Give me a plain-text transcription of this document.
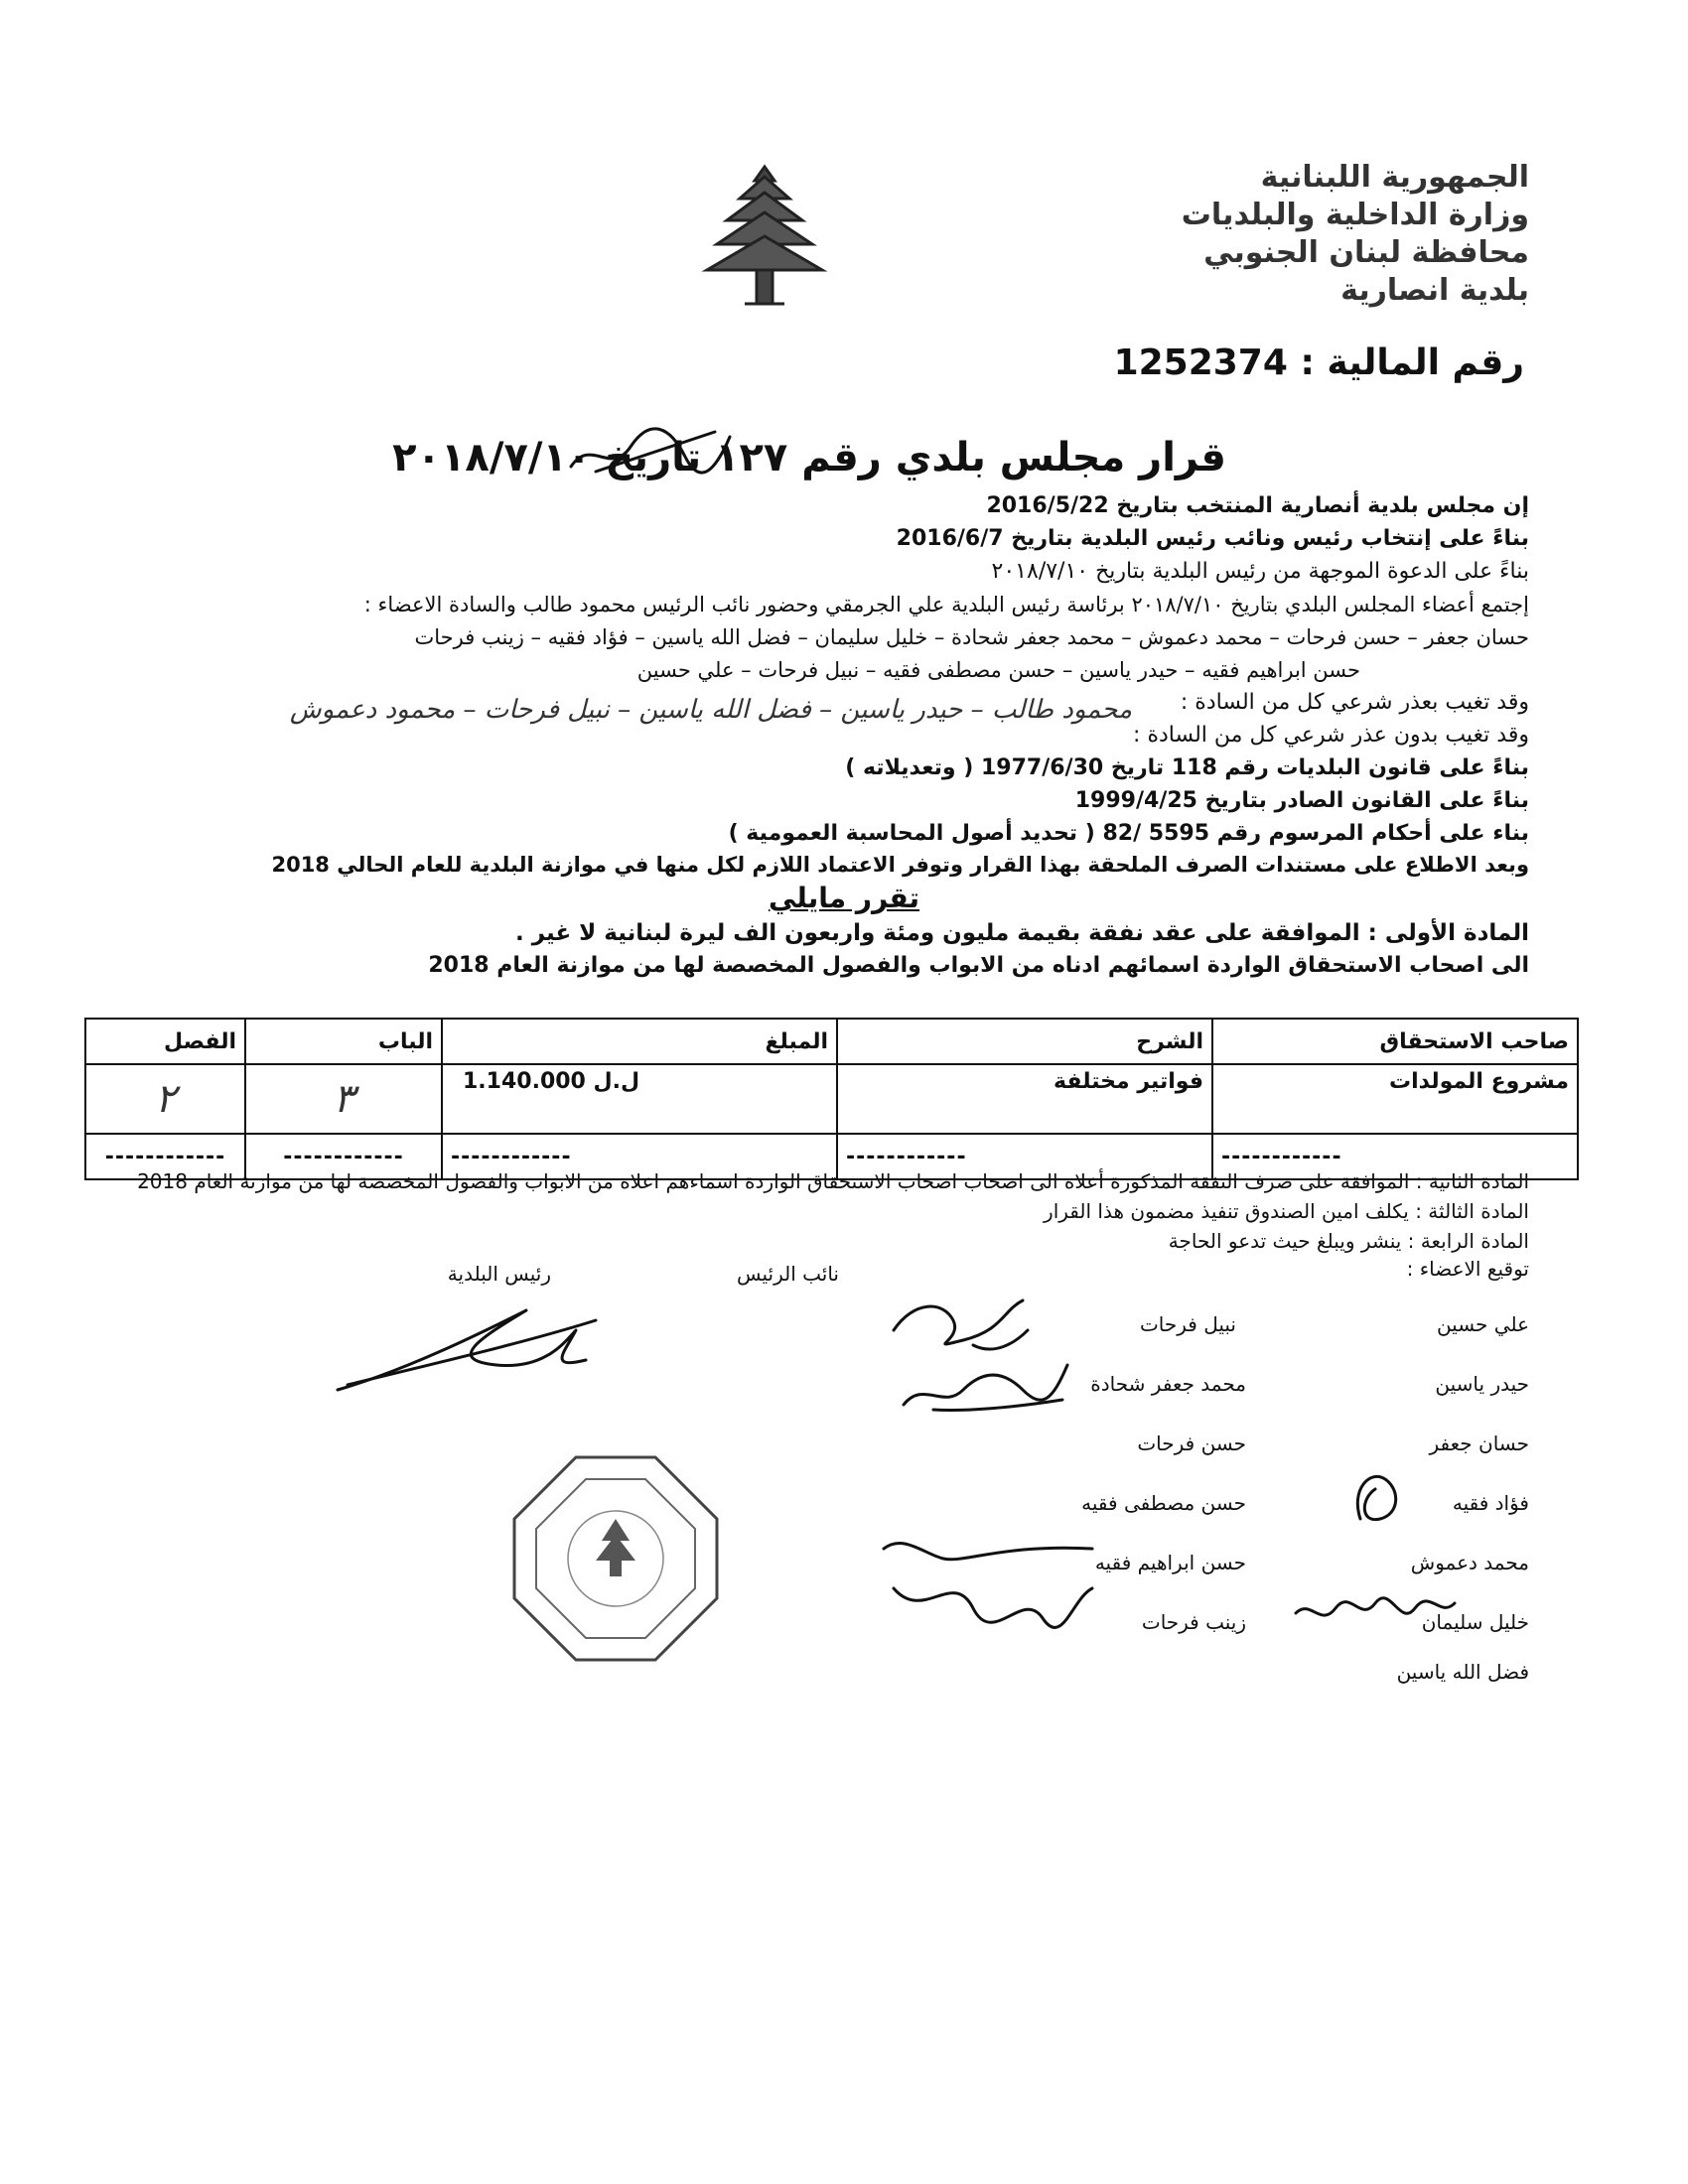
الجمهورية اللبنانية
وزارة الداخلية والبلديات
محافظة لبنان الجنوبي
بلدية انصارية
رقم المالية : 1252374
قرار مجلس بلدي رقم ١٢٧ تاريخ ٢٠١٨/٧/١٠
إن مجلس بلدية أنصارية المنتخب بتاريخ 2016/5/22
بناءً على إنتخاب رئيس ونائب رئيس البلدية بتاريخ 2016/6/7
بناءً على الدعوة الموجهة من رئيس البلدية بتاريخ ٢٠١٨/٧/١٠
إجتمع أعضاء المجلس البلدي بتاريخ ٢٠١٨/٧/١٠ برئاسة رئيس البلدية علي الجرمقي وحضور نائب الرئيس محمود طالب والسادة الاعضاء :
حسان جعفر – حسن فرحات – محمد دعموش – محمد جعفر شحادة – خليل سليمان – فضل الله ياسين – فؤاد فقيه – زينب فرحات
حسن ابراهيم فقيه – حيدر ياسين – حسن مصطفى فقيه – نبيل فرحات – علي حسين
وقد تغيب بعذر شرعي كل من السادة :
محمود طالب – حيدر ياسين – فضل الله ياسين – نبيل فرحات – محمود دعموش
وقد تغيب بدون عذر شرعي كل من السادة :
بناءً على قانون البلديات رقم 118 تاريخ 1977/6/30 ( وتعديلاته )
بناءً على القانون الصادر بتاريخ 1999/4/25
بناء على أحكام المرسوم رقم 5595 /82 ( تحديد أصول المحاسبة العمومية )
وبعد الاطلاع على مستندات الصرف الملحقة بهذا القرار وتوفر الاعتماد اللازم لكل منها في موازنة البلدية للعام الحالي 2018
تقرر مايلي
المادة الأولى : الموافقة على عقد نفقة بقيمة مليون ومئة واربعون الف ليرة لبنانية لا غير .
الى اصحاب الاستحقاق الواردة اسمائهم ادناه من الابواب والفصول المخصصة لها من موازنة العام 2018
صاحب الاستحقاق	الشرح	المبلغ	الباب	الفصل
مشروع المولدات	فواتير مختلفة	1.140.000 ل.ل	٣	٢
------------	------------	------------	------------	------------
المادة الثانية : الموافقة على صرف النفقة المذكورة أعلاه الى اصحاب اصحاب الاستحقاق الواردة اسماءهم اعلاه من الابواب والفصول المخصصة لها من موازنة العام 2018
المادة الثالثة : يكلف امين الصندوق تنفيذ مضمون هذا القرار
المادة الرابعة : ينشر ويبلغ حيث تدعو الحاجة
توقيع الاعضاء :
نائب الرئيس
رئيس البلدية
علي حسين
حيدر ياسين
حسان جعفر
فؤاد فقيه
محمد دعموش
خليل سليمان
فضل الله ياسين
نبيل فرحات
محمد جعفر شحادة
حسن فرحات
حسن مصطفى فقيه
حسن ابراهيم فقيه
زينب فرحات
